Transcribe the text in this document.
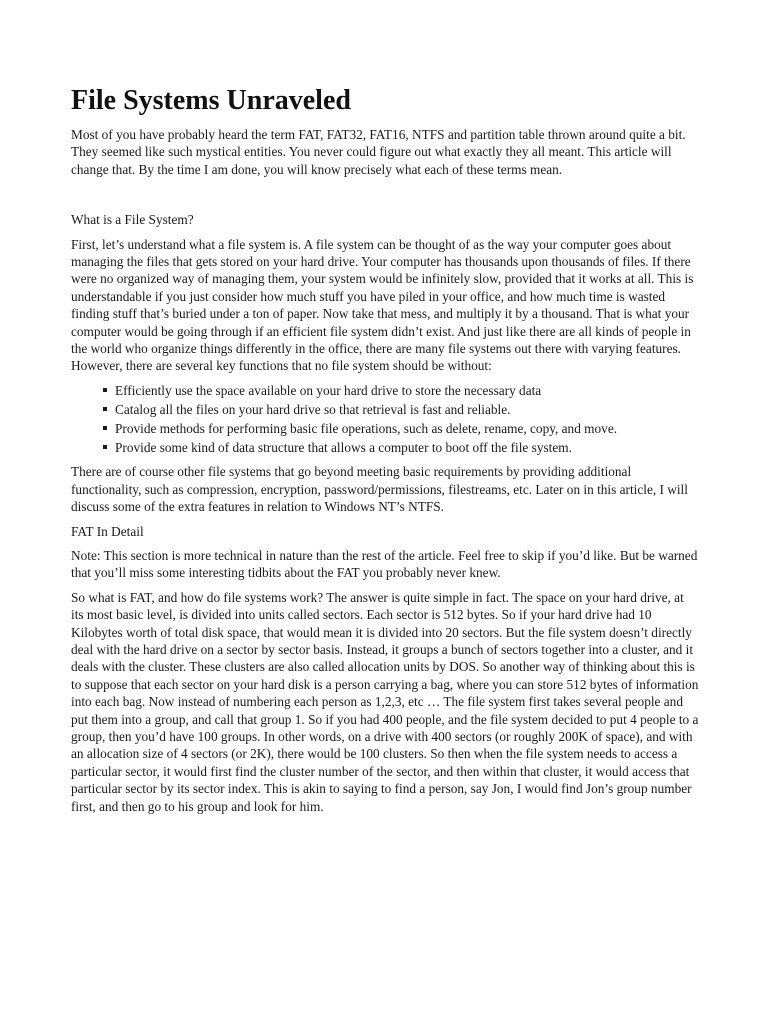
File Systems Unraveled

Most of you have probably heard the term FAT, FAT32, FAT16, NTFS and partition table thrown around quite a bit. They seemed like such mystical entities. You never could figure out what exactly they all meant. This article will change that. By the time I am done, you will know precisely what each of these terms mean.

What is a File System?

First, let’s understand what a file system is. A file system can be thought of as the way your computer goes about managing the files that gets stored on your hard drive. Your computer has thousands upon thousands of files. If there were no organized way of managing them, your system would be infinitely slow, provided that it works at all. This is understandable if you just consider how much stuff you have piled in your office, and how much time is wasted finding stuff that’s buried under a ton of paper. Now take that mess, and multiply it by a thousand. That is what your computer would be going through if an efficient file system didn’t exist. And just like there are all kinds of people in the world who organize things differently in the office, there are many file systems out there with varying features. However, there are several key functions that no file system should be without:

Efficiently use the space available on your hard drive to store the necessary data
Catalog all the files on your hard drive so that retrieval is fast and reliable.
Provide methods for performing basic file operations, such as delete, rename, copy, and move.
Provide some kind of data structure that allows a computer to boot off the file system.

There are of course other file systems that go beyond meeting basic requirements by providing additional functionality, such as compression, encryption, password/permissions, filestreams, etc. Later on in this article, I will discuss some of the extra features in relation to Windows NT’s NTFS.

FAT In Detail

Note: This section is more technical in nature than the rest of the article. Feel free to skip if you’d like. But be warned that you’ll miss some interesting tidbits about the FAT you probably never knew.

So what is FAT, and how do file systems work? The answer is quite simple in fact. The space on your hard drive, at its most basic level, is divided into units called sectors. Each sector is 512 bytes. So if your hard drive had 10 Kilobytes worth of total disk space, that would mean it is divided into 20 sectors. But the file system doesn’t directly deal with the hard drive on a sector by sector basis. Instead, it groups a bunch of sectors together into a cluster, and it deals with the cluster. These clusters are also called allocation units by DOS. So another way of thinking about this is to suppose that each sector on your hard disk is a person carrying a bag, where you can store 512 bytes of information into each bag. Now instead of numbering each person as 1,2,3, etc … The file system first takes several people and put them into a group, and call that group 1. So if you had 400 people, and the file system decided to put 4 people to a group, then you’d have 100 groups. In other words, on a drive with 400 sectors (or roughly 200K of space), and with an allocation size of 4 sectors (or 2K), there would be 100 clusters. So then when the file system needs to access a particular sector, it would first find the cluster number of the sector, and then within that cluster, it would access that particular sector by its sector index. This is akin to saying to find a person, say Jon, I would find Jon’s group number first, and then go to his group and look for him.
